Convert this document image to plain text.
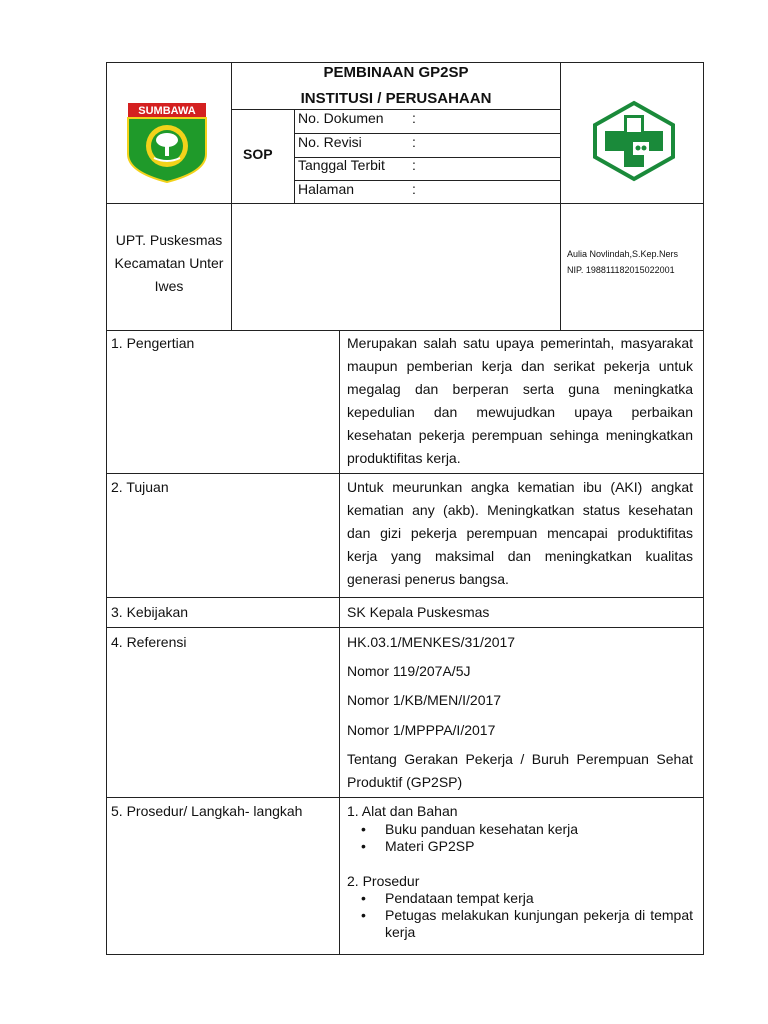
SUMBAWA
PEMBINAAN GP2SP
INSTITUSI / PERUSAHAAN
SOP
No. Dokumen :
No. Revisi	:
Tanggal Terbit :
Halaman	:
UPT. Puskesmas
Kecamatan Unter
Iwes
Aulia Novlindah,S.Kep.Ners
NIP. 198811182015022001
1. Pengertian	Merupakan salah satu upaya pemerintah, masyarakat maupun pemberian kerja dan serikat pekerja untuk megalag dan berperan serta guna meningkatka kepedulian dan mewujudkan upaya perbaikan kesehatan pekerja perempuan sehinga meningkatkan produktifitas kerja.
2. Tujuan	Untuk meurunkan angka kematian ibu (AKI) angkat kematian any (akb). Meningkatkan status kesehatan dan gizi pekerja perempuan mencapai produktifitas kerja yang maksimal dan meningkatkan kualitas generasi penerus bangsa.
3. Kebijakan	SK Kepala Puskesmas
4. Referensi	HK.03.1/MENKES/31/2017
Nomor 119/207A/5J
Nomor 1/KB/MEN/I/2017
Nomor 1/MPPPA/I/2017
Tentang Gerakan Pekerja / Buruh Perempuan Sehat Produktif (GP2SP)
5. Prosedur/ Langkah- langkah	1. Alat dan Bahan
• Buku panduan kesehatan kerja
• Materi GP2SP
2. Prosedur
• Pendataan tempat kerja
• Petugas melakukan kunjungan pekerja di tempat kerja
